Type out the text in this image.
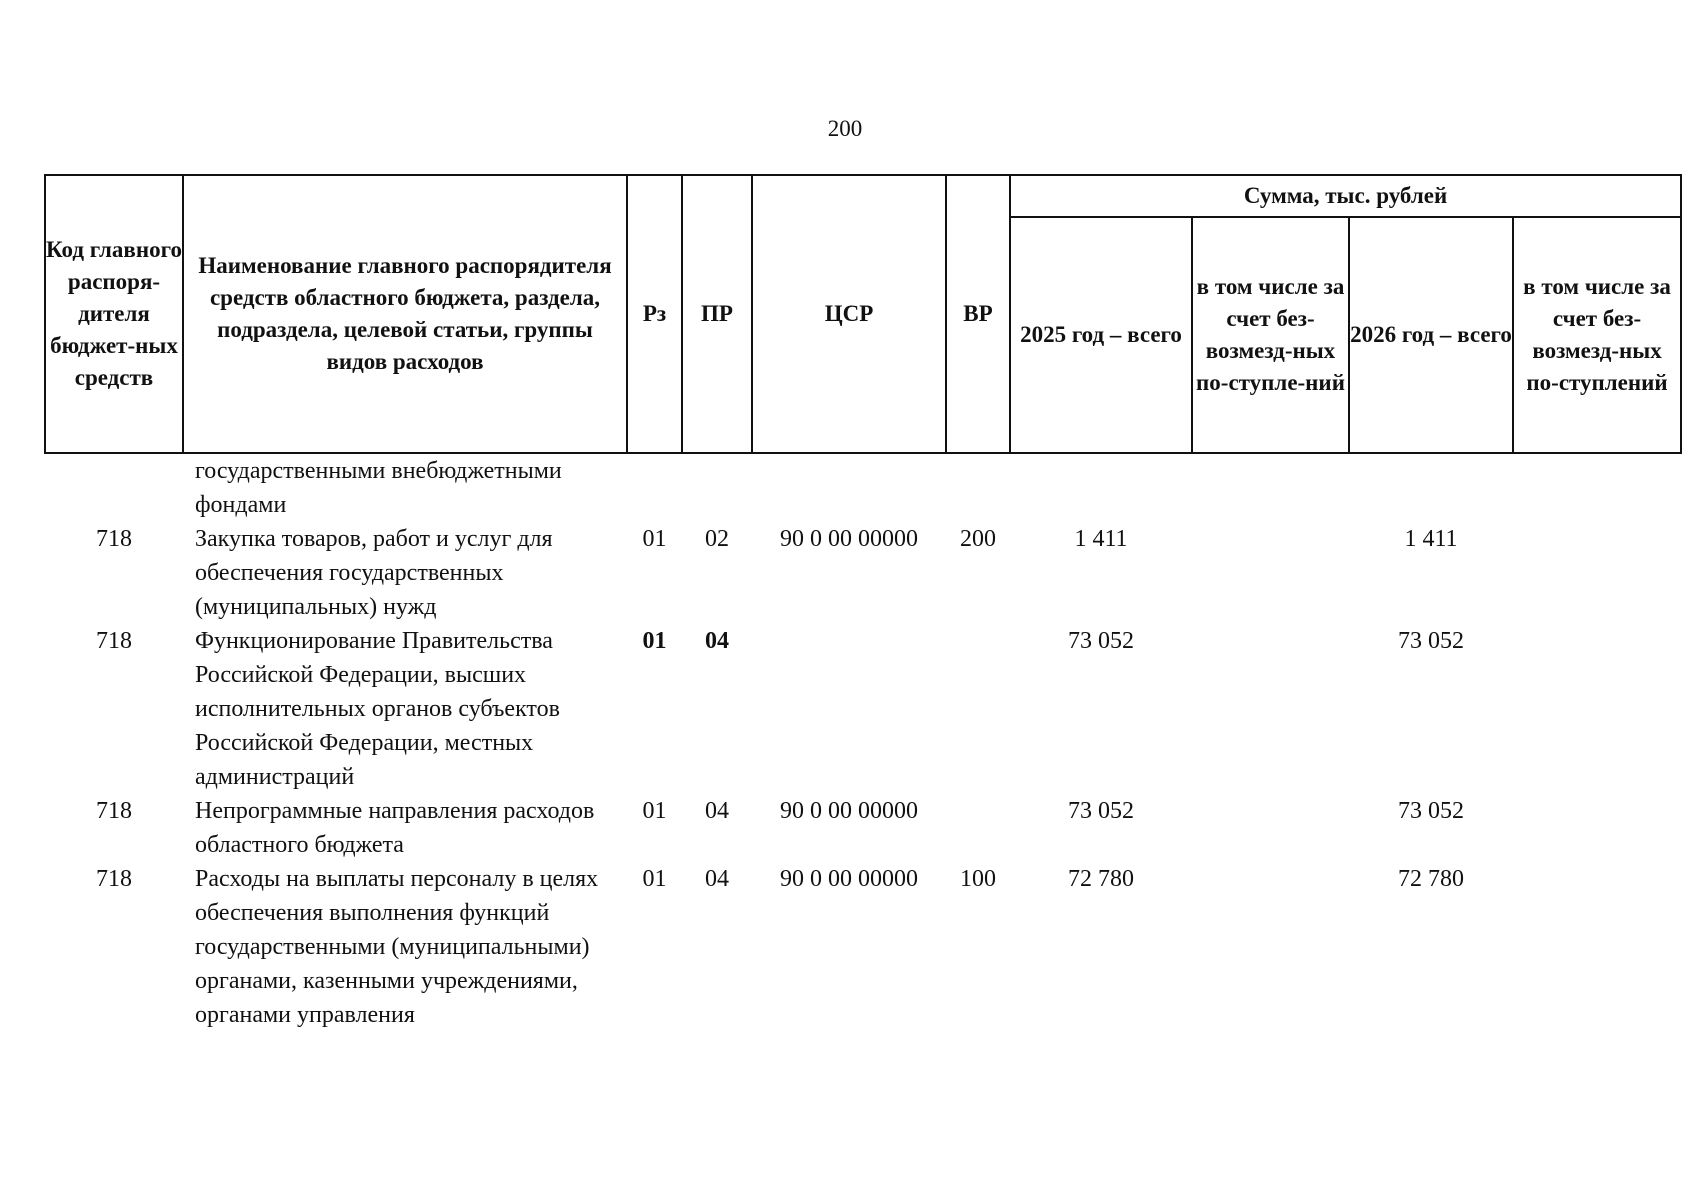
200
Код главного распоря-дителя бюджет-ных средств	Наименование главного распорядителя средств областного бюджета, раздела, подраздела, целевой статьи, группы видов расходов	Рз	ПР	ЦСР	ВР	Сумма, тыс. рублей			
						2025 год – всего	в том числе за счет без-возмезд-ных по-ступле-ний	2026 год – всего	в том числе за счет без-возмезд-ных по-ступлений
	государственными внебюджетными фондами								
718	Закупка товаров, работ и услуг для обеспечения государственных (муниципальных) нужд	01	02	90 0 00 00000	200	1 411		1 411	
718	Функционирование Правительства Российской Федерации, высших исполнительных органов субъектов Российской Федерации, местных администраций	01	04			73 052		73 052	
718	Непрограммные направления расходов областного бюджета	01	04	90 0 00 00000		73 052		73 052	
718	Расходы на выплаты персоналу в целях обеспечения выполнения функций государственными (муниципальными) органами, казенными учреждениями, органами управления	01	04	90 0 00 00000	100	72 780		72 780	
